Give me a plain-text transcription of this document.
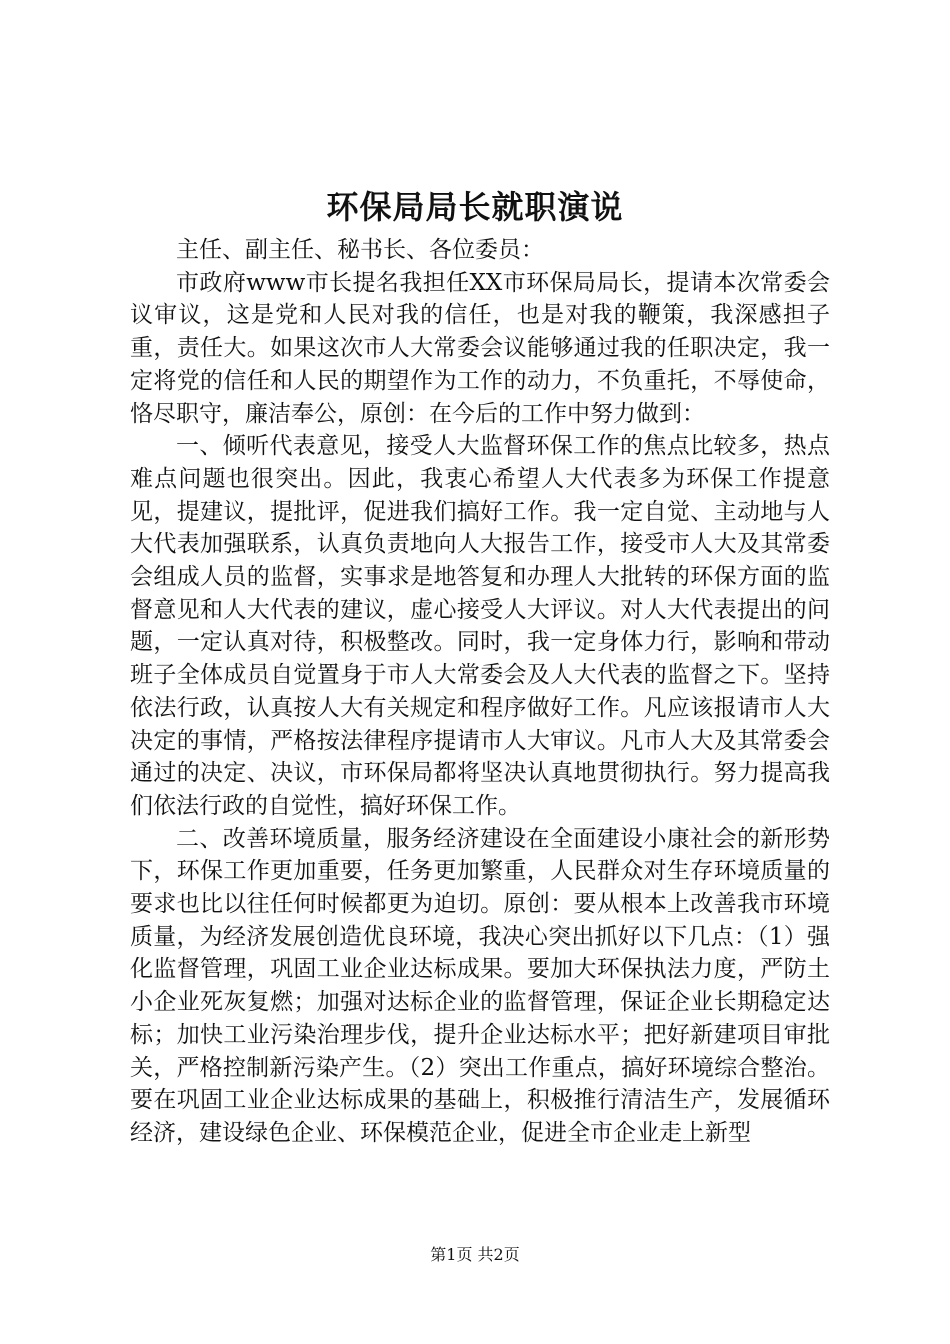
环保局局长就职演说

主任、副主任、秘书长、各位委员：

市政府www市长提名我担任XX市环保局局长，提请本次常委会议审议，这是党和人民对我的信任，也是对我的鞭策，我深感担子重，责任大。如果这次市人大常委会议能够通过我的任职决定，我一定将党的信任和人民的期望作为工作的动力，不负重托，不辱使命，恪尽职守，廉洁奉公，原创：在今后的工作中努力做到：

一、倾听代表意见，接受人大监督环保工作的焦点比较多，热点难点问题也很突出。因此，我衷心希望人大代表多为环保工作提意见，提建议，提批评，促进我们搞好工作。我一定自觉、主动地与人大代表加强联系，认真负责地向人大报告工作，接受市人大及其常委会组成人员的监督，实事求是地答复和办理人大批转的环保方面的监督意见和人大代表的建议，虚心接受人大评议。对人大代表提出的问题，一定认真对待，积极整改。同时，我一定身体力行，影响和带动班子全体成员自觉置身于市人大常委会及人大代表的监督之下。坚持依法行政，认真按人大有关规定和程序做好工作。凡应该报请市人大决定的事情，严格按法律程序提请市人大审议。凡市人大及其常委会通过的决定、决议，市环保局都将坚决认真地贯彻执行。努力提高我们依法行政的自觉性，搞好环保工作。

二、改善环境质量，服务经济建设在全面建设小康社会的新形势下，环保工作更加重要，任务更加繁重，人民群众对生存环境质量的要求也比以往任何时候都更为迫切。原创：要从根本上改善我市环境质量，为经济发展创造优良环境，我决心突出抓好以下几点：（1）强化监督管理，巩固工业企业达标成果。要加大环保执法力度，严防土小企业死灰复燃；加强对达标企业的监督管理，保证企业长期稳定达标；加快工业污染治理步伐，提升企业达标水平；把好新建项目审批关，严格控制新污染产生。（2）突出工作重点，搞好环境综合整治。要在巩固工业企业达标成果的基础上，积极推行清洁生产，发展循环经济，建设绿色企业、环保模范企业，促进全市企业走上新型

第1页 共2页
